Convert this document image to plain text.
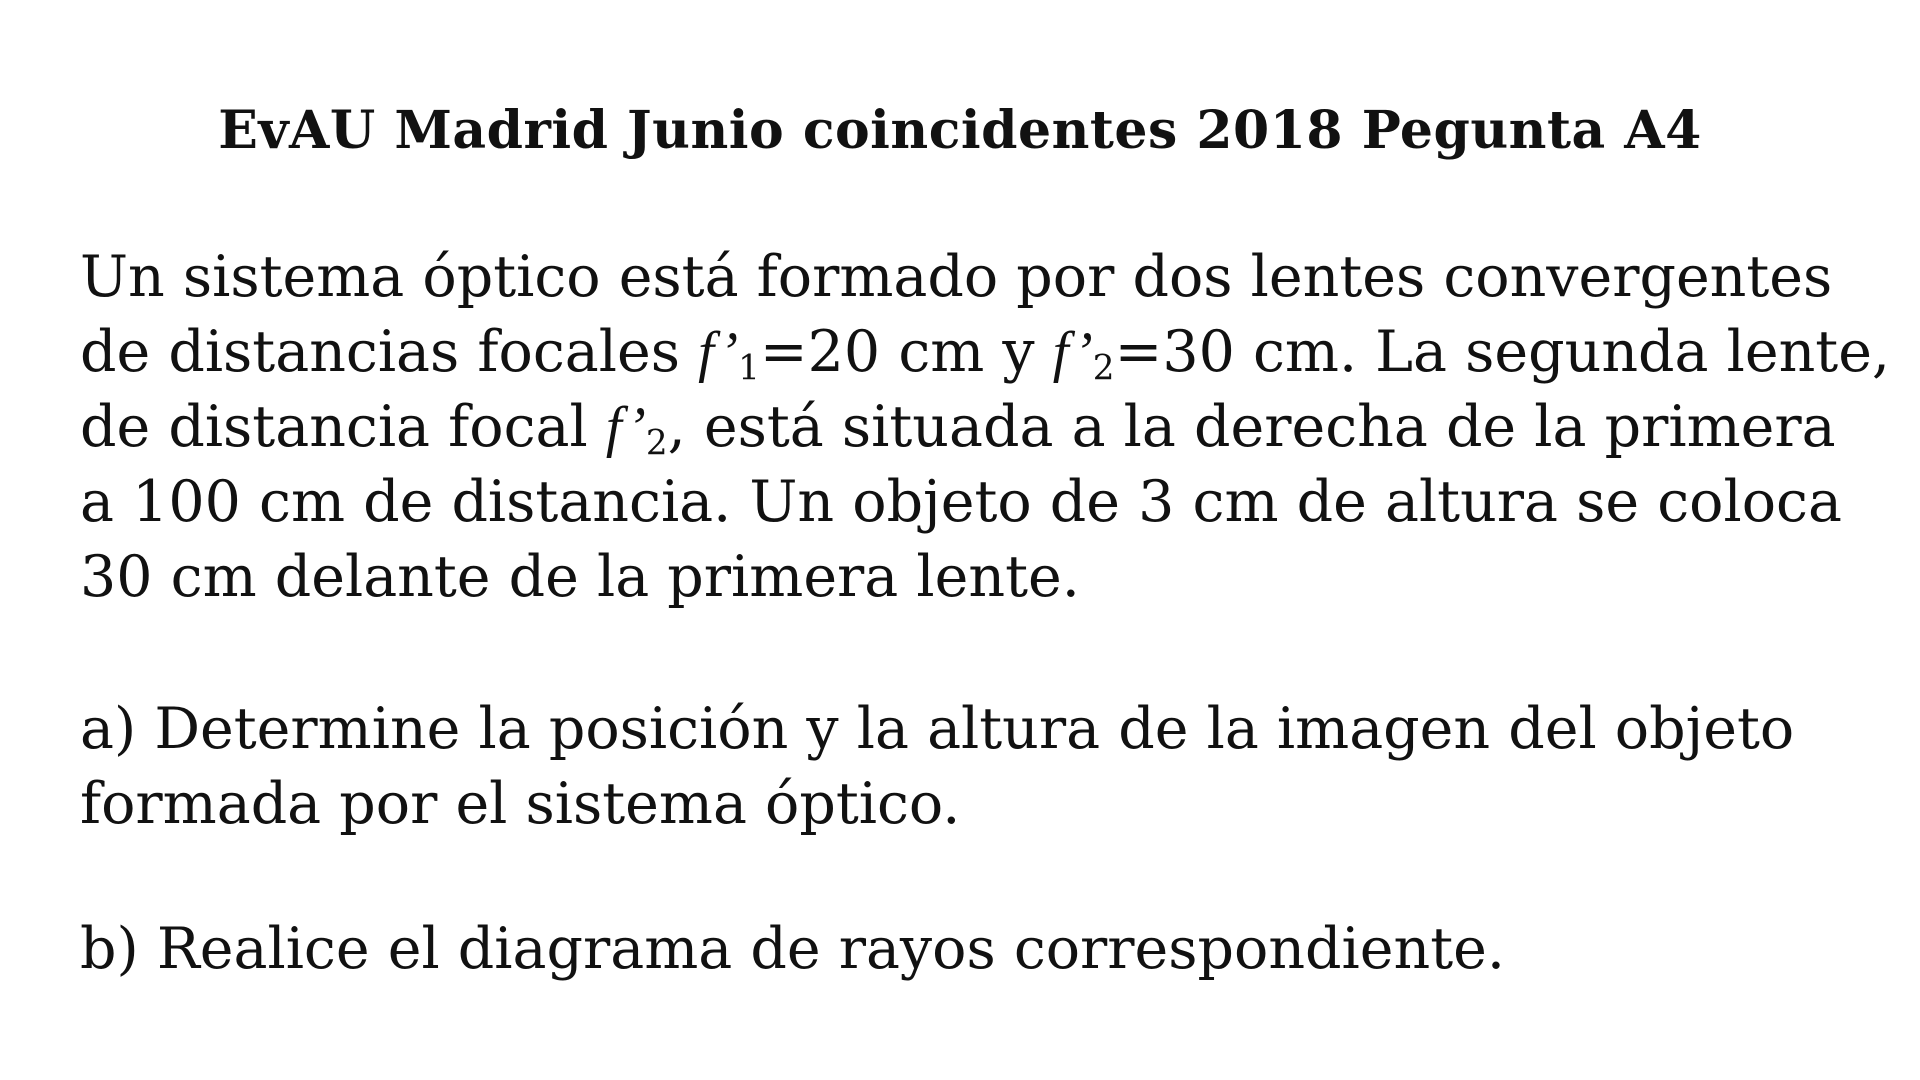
EvAU Madrid Junio coincidentes 2018 Pegunta A4
Un sistema óptico está formado por dos lentes convergentes
de distancias focales $f’_1=20$ cm y $f’_2=30$ cm. La segunda lente,
de distancia focal $f’_2$, está situada a la derecha de la primera
a 100 cm de distancia. Un objeto de 3 cm de altura se coloca
30 cm delante de la primera lente.
a) Determine la posición y la altura de la imagen del objeto
formada por el sistema óptico.
b) Realice el diagrama de rayos correspondiente.
